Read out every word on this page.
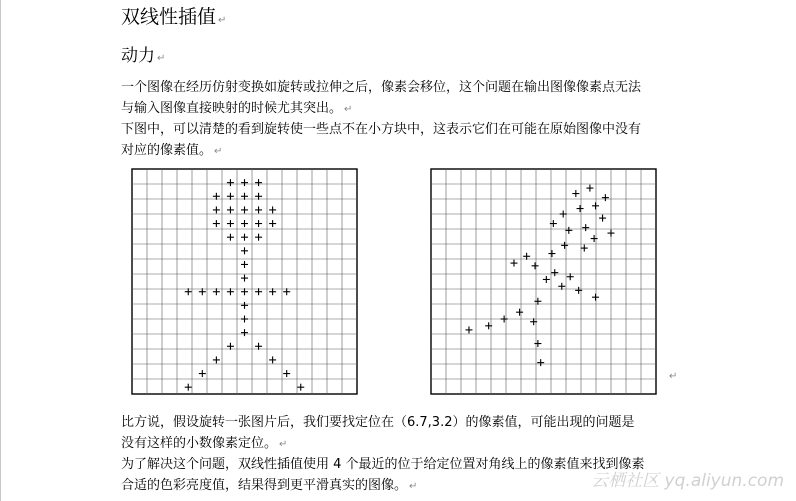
双线性插值 ↵
动力 ↵

一个图像在经历仿射变换如旋转或拉伸之后，像素会移位，这个问题在输出图像像素点无法
与输入图像直接映射的时候尤其突出。 ↵

下图中，可以清楚的看到旋转使一些点不在小方块中，这表示它们在可能在原始图像中没有
对应的像素值。 ↵

↵

比方说，假设旋转一张图片后，我们要找定位在（6.7,3.2）的像素值，可能出现的问题是
没有这样的小数像素定位。 ↵

为了解决这个问题，双线性插值使用 4 个最近的位于给定位置对角线上的像素值来找到像素
合适的色彩亮度值，结果得到更平滑真实的图像。 ↵	云栖社区 yq.aliyun.com
